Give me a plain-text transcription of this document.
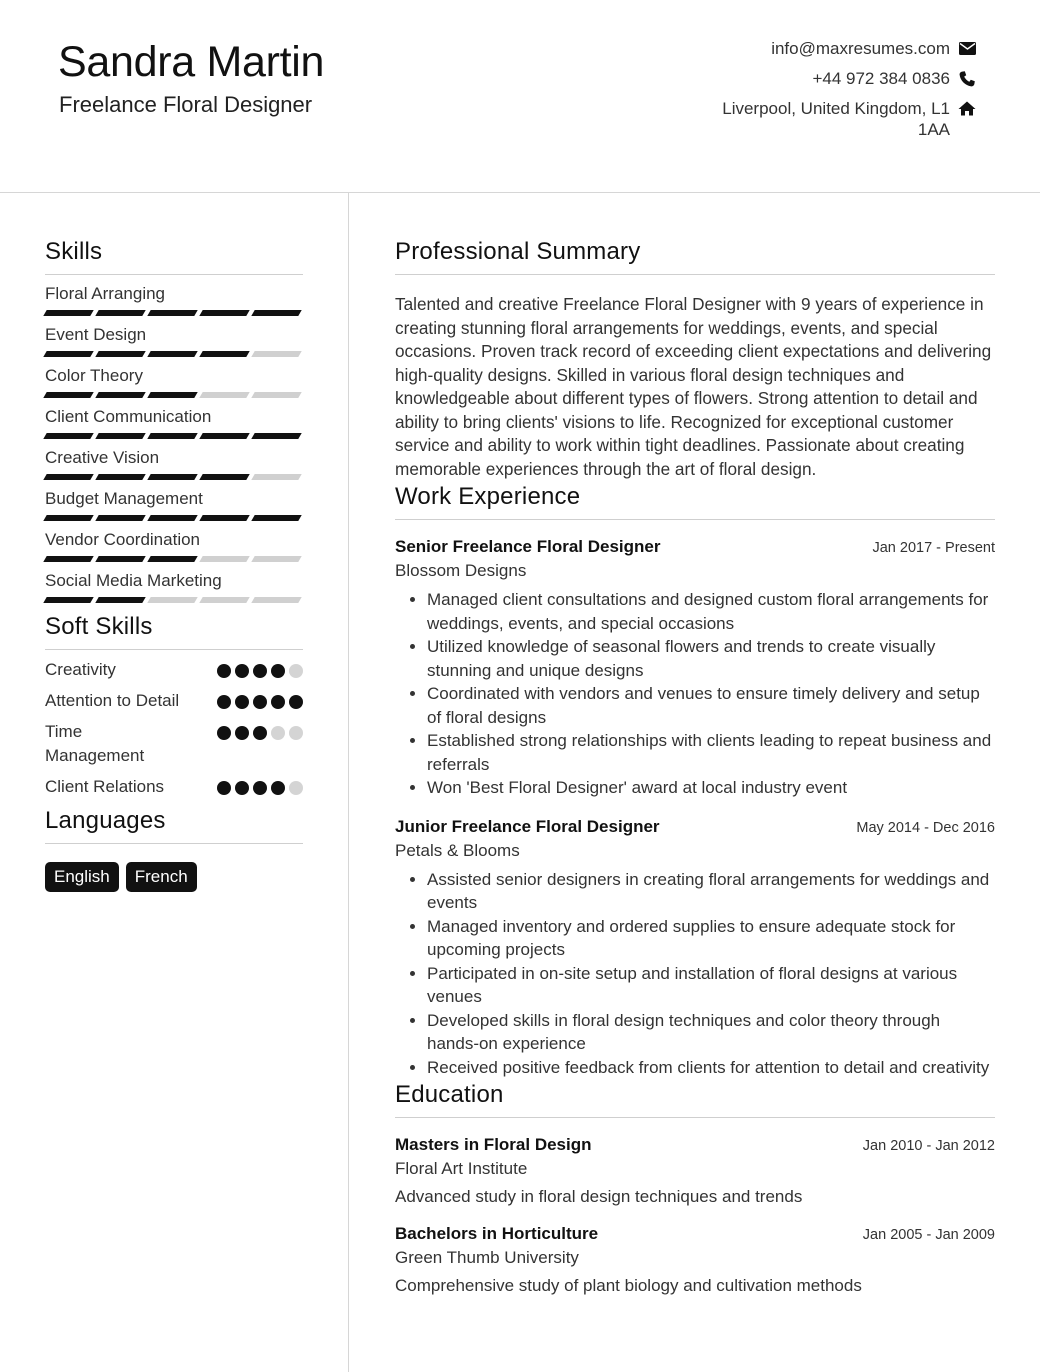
Sandra Martin
Freelance Floral Designer
info@maxresumes.com
+44 972 384 0836
Liverpool, United Kingdom, L1 1AA
Skills
Floral Arranging
Event Design
Color Theory
Client Communication
Creative Vision
Budget Management
Vendor Coordination
Social Media Marketing
Soft Skills
Creativity
Attention to Detail
Time Management
Client Relations
Languages
English	French
Professional Summary
Talented and creative Freelance Floral Designer with 9 years of experience in creating stunning floral arrangements for weddings, events, and special occasions. Proven track record of exceeding client expectations and delivering high-quality designs. Skilled in various floral design techniques and knowledgeable about different types of flowers. Strong attention to detail and ability to bring clients' visions to life. Recognized for exceptional customer service and ability to work within tight deadlines. Passionate about creating memorable experiences through the art of floral design.
Work Experience
Senior Freelance Floral Designer	Jan 2017 - Present
Blossom Designs
• Managed client consultations and designed custom floral arrangements for weddings, events, and special occasions
• Utilized knowledge of seasonal flowers and trends to create visually stunning and unique designs
• Coordinated with vendors and venues to ensure timely delivery and setup of floral designs
• Established strong relationships with clients leading to repeat business and referrals
• Won 'Best Floral Designer' award at local industry event
Junior Freelance Floral Designer	May 2014 - Dec 2016
Petals & Blooms
• Assisted senior designers in creating floral arrangements for weddings and events
• Managed inventory and ordered supplies to ensure adequate stock for upcoming projects
• Participated in on-site setup and installation of floral designs at various venues
• Developed skills in floral design techniques and color theory through hands-on experience
• Received positive feedback from clients for attention to detail and creativity
Education
Masters in Floral Design	Jan 2010 - Jan 2012
Floral Art Institute
Advanced study in floral design techniques and trends
Bachelors in Horticulture	Jan 2005 - Jan 2009
Green Thumb University
Comprehensive study of plant biology and cultivation methods
